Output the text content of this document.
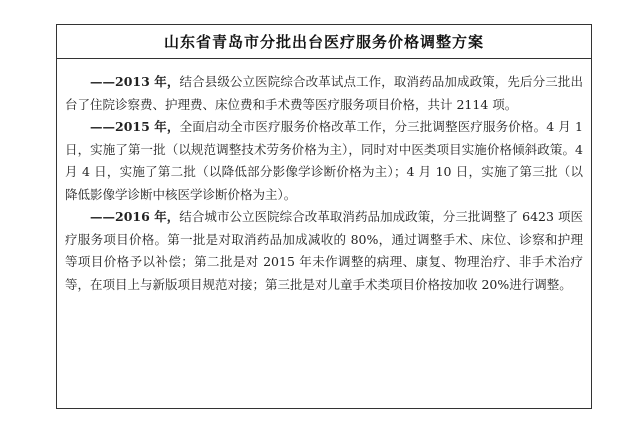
山东省青岛市分批出台医疗服务价格调整方案

——2013 年，结合县级公立医院综合改革试点工作，取消药品加成政策，先后分三批出台了住院诊察费、护理费、床位费和手术费等医疗服务项目价格，共计 2114 项。

——2015 年，全面启动全市医疗服务价格改革工作，分三批调整医疗服务价格。4 月 1 日，实施了第一批（以规范调整技术劳务价格为主），同时对中医类项目实施价格倾斜政策。4 月 4 日，实施了第二批（以降低部分影像学诊断价格为主）；4 月 10 日，实施了第三批（以降低影像学诊断中核医学诊断价格为主）。

——2016 年，结合城市公立医院综合改革取消药品加成政策，分三批调整了 6423 项医疗服务项目价格。第一批是对取消药品加成减收的 80%，通过调整手术、床位、诊察和护理等项目价格予以补偿；第二批是对 2015 年未作调整的病理、康复、物理治疗、非手术治疗等，在项目上与新版项目规范对接；第三批是对儿童手术类项目价格按加收 20%进行调整。
